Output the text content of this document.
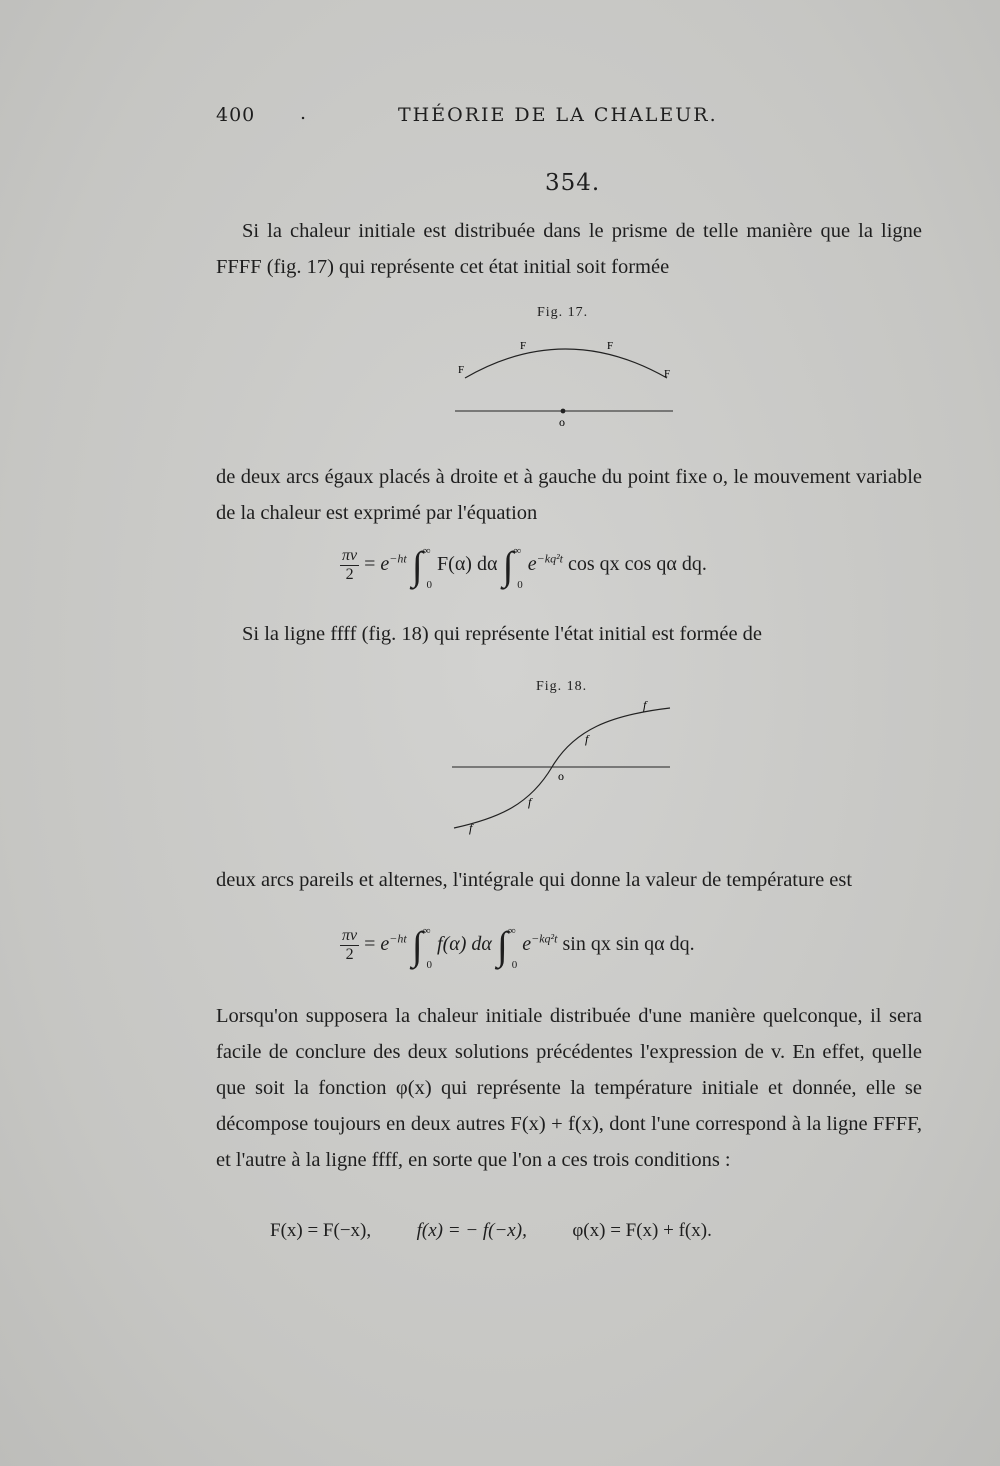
400 .	THÉORIE DE LA CHALEUR.
354.

Si la chaleur initiale est distribuée dans le prisme de telle manière que la ligne FFFF (fig. 17) qui représente cet état initial soit formée

Fig. 17.
F
F	F
F
o

de deux arcs égaux placés à droite et à gauche du point fixe o, le mouvement variable de la chaleur est exprimé par l'équation

$\frac{\pi v}{2} = e^{-ht}$ $\int^\infty_0$ F(α) dα $\int^\infty_0$ $e^{-kq^2t}$ cos qx cos qα dq.

Si la ligne ffff (fig. 18) qui représente l'état initial est formée de

Fig. 18.
f
f
f
f
o

deux arcs pareils et alternes, l'intégrale qui donne la valeur de température est

$\frac{\pi v}{2} = e^{-ht}$ $\int^\infty_0$ f(α) dα $\int^\infty_0$ $e^{-kq^2t}$ sin qx sin qα dq.

Lorsqu'on supposera la chaleur initiale distribuée d'une manière quelconque, il sera facile de conclure des deux solutions précédentes l'expression de v. En effet, quelle que soit la fonction φ(x) qui représente la température initiale et donnée, elle se décompose toujours en deux autres F(x) + f(x), dont l'une correspond à la ligne FFFF, et l'autre à la ligne ffff, en sorte que l'on a ces trois conditions :

F(x) = F(−x), f(x) = − f(−x), φ(x) = F(x) + f(x).
